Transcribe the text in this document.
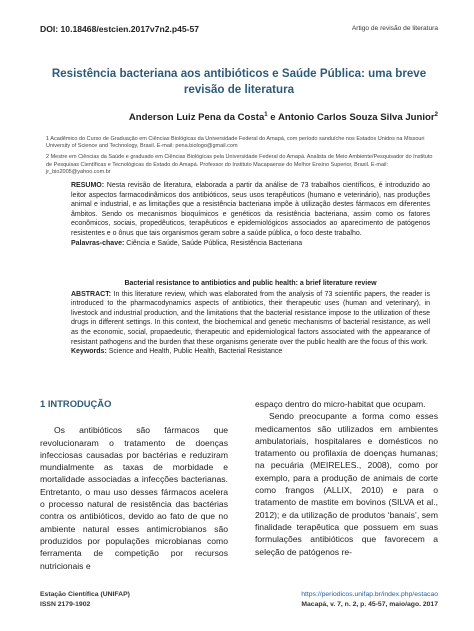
DOI: 10.18468/estcien.2017v7n2.p45-57	Artigo de revisão de literatura
Resistência bacteriana aos antibióticos e Saúde Pública: uma breve revisão de literatura
Anderson Luiz Pena da Costa$^1$ e Antonio Carlos Souza Silva Junior$^2$
1 Acadêmico do Curso de Graduação em Ciências Biológicas da Universidade Federal do Amapá, com período sanduíche nos Estados Unidos na Missouri University of Science and Technology, Brasil. E-mail: pena.biologo@gmail.com
2 Mestre em Ciências da Saúde e graduado em Ciências Biológicas pela Universidade Federal do Amapá. Analista de Meio Ambiente/Pesquisador do Instituto de Pesquisas Científicas e Tecnológicas do Estado do Amapá. Professor do Instituto Macapaense do Melhor Ensino Superior, Brasil. E-mail: jr_bio2005@yahoo.com.br
RESUMO: Nesta revisão de literatura, elaborada a partir da análise de 73 trabalhos científicos, é introduzido ao leitor aspectos farmacodinâmicos dos antibióticos, seus usos terapêuticos (humano e veterinário), nas produções animal e industrial, e as limitações que a resistência bacteriana impõe à utilização destes fármacos em diferentes âmbitos. Sendo os mecanismos bioquímicos e genéticos da resistência bacteriana, assim como os fatores econômicos, sociais, propedêuticos, terapêuticos e epidemiológicos associados ao aparecimento de patógenos resistentes e o ônus que tais organismos geram sobre a saúde pública, o foco deste trabalho.
Palavras-chave: Ciência e Saúde, Saúde Pública, Resistência Bacteriana
Bacterial resistance to antibiotics and public health: a brief literature review
ABSTRACT: In this literature review, which was elaborated from the analysis of 73 scientific papers, the reader is introduced to the pharmacodynamics aspects of antibiotics, their therapeutic uses (human and veterinary), in livestock and industrial production, and the limitations that the bacterial resistance impose to the utilization of these drugs in different settings. In this context, the biochemical and genetic mechanisms of bacterial resistance, as well as the economic, social, propaedeutic, therapeutic and epidemiological factors associated with the appearance of resistant pathogens and the burden that these organisms generate over the public health are the focus of this work.
Keywords: Science and Health, Public Health, Bacterial Resistance
1 INTRODUÇÃO

Os antibióticos são fármacos que revolucionaram o tratamento de doenças infecciosas causadas por bactérias e reduziram mundialmente as taxas de morbidade e mortalidade associadas a infecções bacterianas. Entretanto, o mau uso desses fármacos acelera o processo natural de resistência das bactérias contra os antibióticos, devido ao fato de que no ambiente natural esses antimicrobianos são produzidos por populações microbianas como ferramenta de competição por recursos nutricionais e

espaço dentro do micro-habitat que ocupam.

Sendo preocupante a forma como esses medicamentos são utilizados em ambientes ambulatoriais, hospitalares e domésticos no tratamento ou profilaxia de doenças humanas; na pecuária (MEIRELES., 2008), como por exemplo, para a produção de animais de corte como frangos (ALLIX, 2010) e para o tratamento de mastite em bovinos (SILVA et al., 2012); e da utilização de produtos ‘banais’, sem finalidade terapêutica que possuem em suas formulações antibióticos que favorecem a seleção de patógenos re-

Estação Científica (UNIFAP)
ISSN 2179-1902
https://periodicos.unifap.br/index.php/estacao
Macapá, v. 7, n. 2, p. 45-57, maio/ago. 2017
